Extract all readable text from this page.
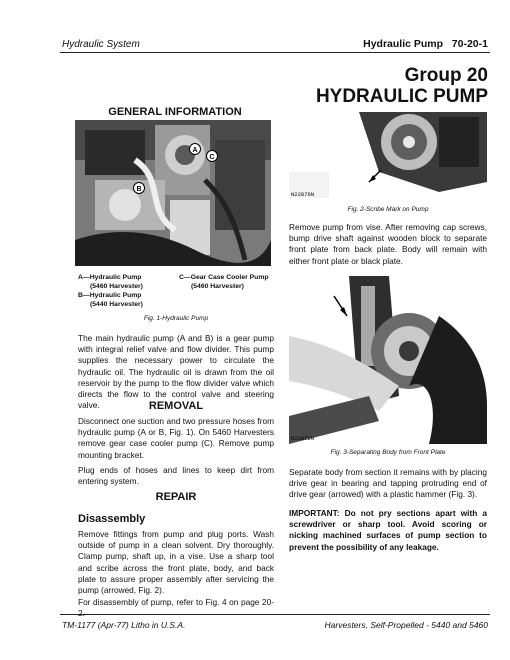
Hydraulic System	Hydraulic Pump   70-20-1
Group 20
HYDRAULIC PUMP
GENERAL INFORMATION
A
B
C
A—Hydraulic Pump
(5460 Harvester)
B—Hydraulic Pump
(5440 Harvester)
C—Gear Case Cooler Pump
(5460 Harvester)
Fig. 1-Hydraulic Pump

The main hydraulic pump (A and B) is a gear pump with integral relief valve and flow divider. This pump supplies the necessary power to circulate the hydraulic oil. The hydraulic oil is drawn from the oil reservoir by the pump to the flow divider valve which directs the flow to the control valve and steering valve.	REMOVAL

Disconnect one suction and two pressure hoses from hydraulic pump (A or B, Fig. 1). On 5460 Harvesters remove gear case cooler pump (C). Remove pump mounting bracket.

Plug ends of hoses and lines to keep dirt from entering system.

REPAIR
Disassembly

Remove fittings from pump and plug ports. Wash outside of pump in a clean solvent. Dry thoroughly. Clamp pump, shaft up, in a vise. Use a sharp tool and scribe across the front plate, body, and back plate to assure proper assembly after servicing the pump (arrowed, Fig. 2).

For disassembly of pump, refer to Fig. 4 on page 20-2.

N22876N
Fig. 2-Scribe Mark on Pump

Remove pump from vise. After removing cap screws, bump drive shaft against wooden block to separate front plate from back plate. Body will remain with either front plate or black plate.

N22872N
Fig. 3-Separating Body from Front Plate

Separate body from section it remains with by placing drive gear in bearing and tapping protruding end of drive gear (arrowed) with a plastic hammer (Fig. 3).

IMPORTANT: Do not pry sections apart with a screwdriver or sharp tool. Avoid scoring or nicking machined surfaces of pump section to prevent the possibility of any leakage.

TM-1177 (Apr-77) Litho in U.S.A.	Harvesters, Self-Propelled - 5440 and 5460
